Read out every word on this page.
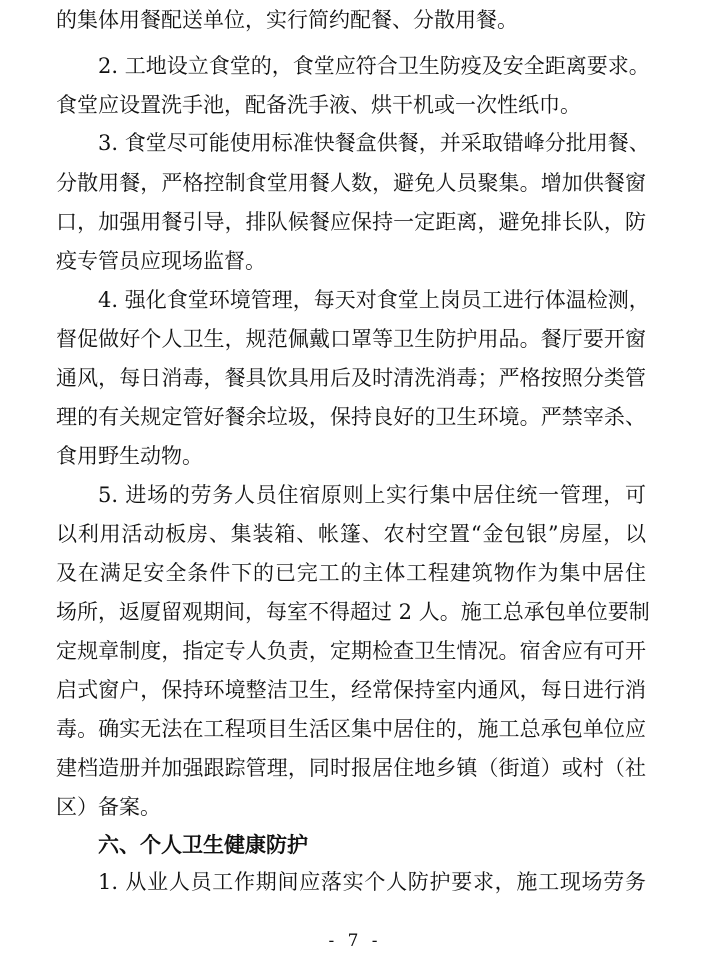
的集体用餐配送单位，实行简约配餐、分散用餐。
2. 工地设立食堂的，食堂应符合卫生防疫及安全距离要求。
食堂应设置洗手池，配备洗手液、烘干机或一次性纸巾。
3. 食堂尽可能使用标准快餐盒供餐，并采取错峰分批用餐、
分散用餐，严格控制食堂用餐人数，避免人员聚集。增加供餐窗
口，加强用餐引导，排队候餐应保持一定距离，避免排长队，防
疫专管员应现场监督。
4. 强化食堂环境管理，每天对食堂上岗员工进行体温检测，
督促做好个人卫生，规范佩戴口罩等卫生防护用品。餐厅要开窗
通风，每日消毒，餐具饮具用后及时清洗消毒；严格按照分类管
理的有关规定管好餐余垃圾，保持良好的卫生环境。严禁宰杀、
食用野生动物。
5. 进场的劳务人员住宿原则上实行集中居住统一管理，可
以利用活动板房、集装箱、帐篷、农村空置“金包银”房屋，以
及在满足安全条件下的已完工的主体工程建筑物作为集中居住
场所，返厦留观期间，每室不得超过 2 人。施工总承包单位要制
定规章制度，指定专人负责，定期检查卫生情况。宿舍应有可开
启式窗户，保持环境整洁卫生，经常保持室内通风，每日进行消
毒。确实无法在工程项目生活区集中居住的，施工总承包单位应
建档造册并加强跟踪管理，同时报居住地乡镇（街道）或村（社
区）备案。
六、个人卫生健康防护
1. 从业人员工作期间应落实个人防护要求，施工现场劳务
- 7 -
